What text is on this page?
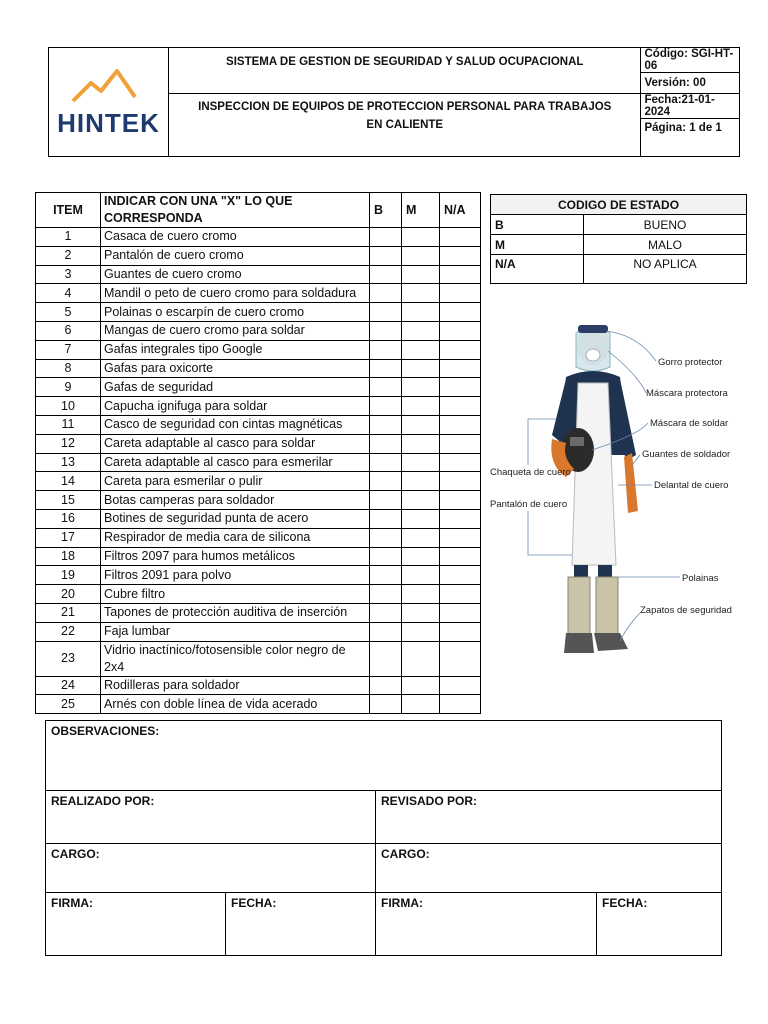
HINTEK	SISTEMA DE GESTION DE SEGURIDAD Y SALUD OCUPACIONAL	Código: SGI-HT-06
		Versión: 00
	INSPECCION DE EQUIPOS DE PROTECCION PERSONAL PARA TRABAJOS EN CALIENTE	Fecha:21-01-2024
		Página: 1 de 1
ITEM	INDICAR CON UNA "X" LO QUE CORRESPONDA	B	M	N/A
1	Casaca de cuero cromo			
2	Pantalón de cuero cromo			
3	Guantes de cuero cromo			
4	Mandil o peto de cuero cromo para soldadura			
5	Polainas o escarpín de cuero cromo			
6	Mangas de cuero cromo para soldar			
7	Gafas integrales tipo Google			
8	Gafas para oxicorte			
9	Gafas de seguridad			
10	Capucha ignifuga para soldar			
11	Casco de seguridad con cintas magnéticas			
12	Careta adaptable al casco para soldar			
13	Careta adaptable al casco para esmerilar			
14	Careta para esmerilar o pulir			
15	Botas camperas para soldador			
16	Botines de seguridad punta de acero			
17	Respirador de media cara de silicona			
18	Filtros 2097 para humos metálicos			
19	Filtros 2091 para polvo			
20	Cubre filtro			
21	Tapones de protección auditiva de inserción			
22	Faja lumbar			
23	Vidrio inactínico/fotosensible color negro de 2x4			
24	Rodilleras para soldador			
25	Arnés con doble línea de vida acerado			
CODIGO DE ESTADO	
B	BUENO
M	MALO
N/A	NO APLICA
Gorro protector
Máscara protectora
Máscara de soldar
Guantes de soldador
Chaqueta de cuero
Delantal de cuero
Pantalón de cuero
Polainas
Zapatos de seguridad
OBSERVACIONES:			
REALIZADO POR:		REVISADO POR:	
CARGO:		CARGO:	
FIRMA:	FECHA:	FIRMA:	FECHA:
